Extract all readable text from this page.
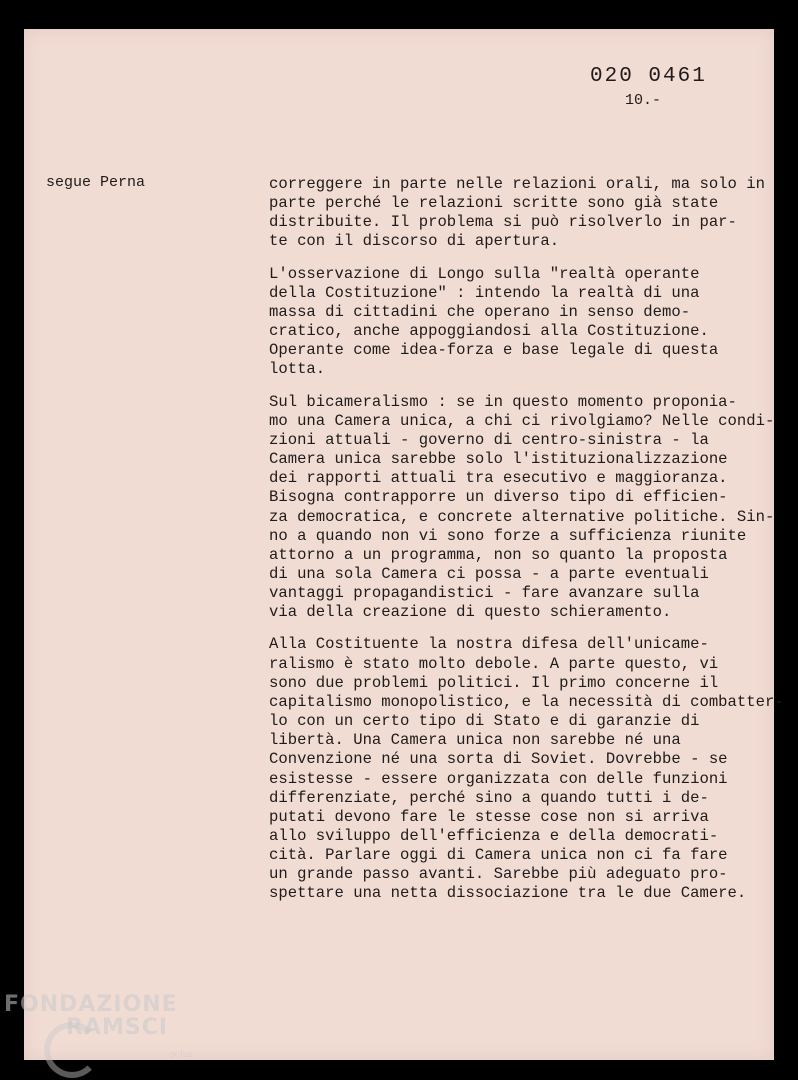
020 0461
10.-
segue Perna	correggere in parte nelle relazioni orali, ma solo in
parte perché le relazioni scritte sono già state
distribuite. Il problema si può risolverlo in par-
te con il discorso di apertura.

L'osservazione di Longo sulla "realtà operante
della Costituzione" : intendo la realtà di una
massa di cittadini che operano in senso demo-
cratico, anche appoggiandosi alla Costituzione.
Operante come idea-forza e base legale di questa
lotta.

Sul bicameralismo : se in questo momento proponia-
mo una Camera unica, a chi ci rivolgiamo? Nelle condi-
zioni attuali - governo di centro-sinistra - la
Camera unica sarebbe solo l'istituzionalizzazione
dei rapporti attuali tra esecutivo e maggioranza.
Bisogna contrapporre un diverso tipo di efficien-
za democratica, e concrete alternative politiche. Sin-
no a quando non vi sono forze a sufficienza riunite
attorno a un programma, non so quanto la proposta
di una sola Camera ci possa - a parte eventuali
vantaggi propagandistici - fare avanzare sulla
via della creazione di questo schieramento.

Alla Costituente la nostra difesa dell'unicame-
ralismo è stato molto debole. A parte questo, vi
sono due problemi politici. Il primo concerne il
capitalismo monopolistico, e la necessità di combatter-
lo con un certo tipo di Stato e di garanzie di
libertà. Una Camera unica non sarebbe né una
Convenzione né una sorta di Soviet. Dovrebbe - se
esistesse - essere organizzata con delle funzioni
differenziate, perché sino a quando tutti i de-
putati devono fare le stesse cose non si arriva
allo sviluppo dell'efficienza e della democrati-
cità. Parlare oggi di Camera unica non ci fa fare
un grande passo avanti. Sarebbe più adeguato pro-
spettare una netta dissociazione tra le due Camere.

FONDAZIONE
RAMSCI
onlus
